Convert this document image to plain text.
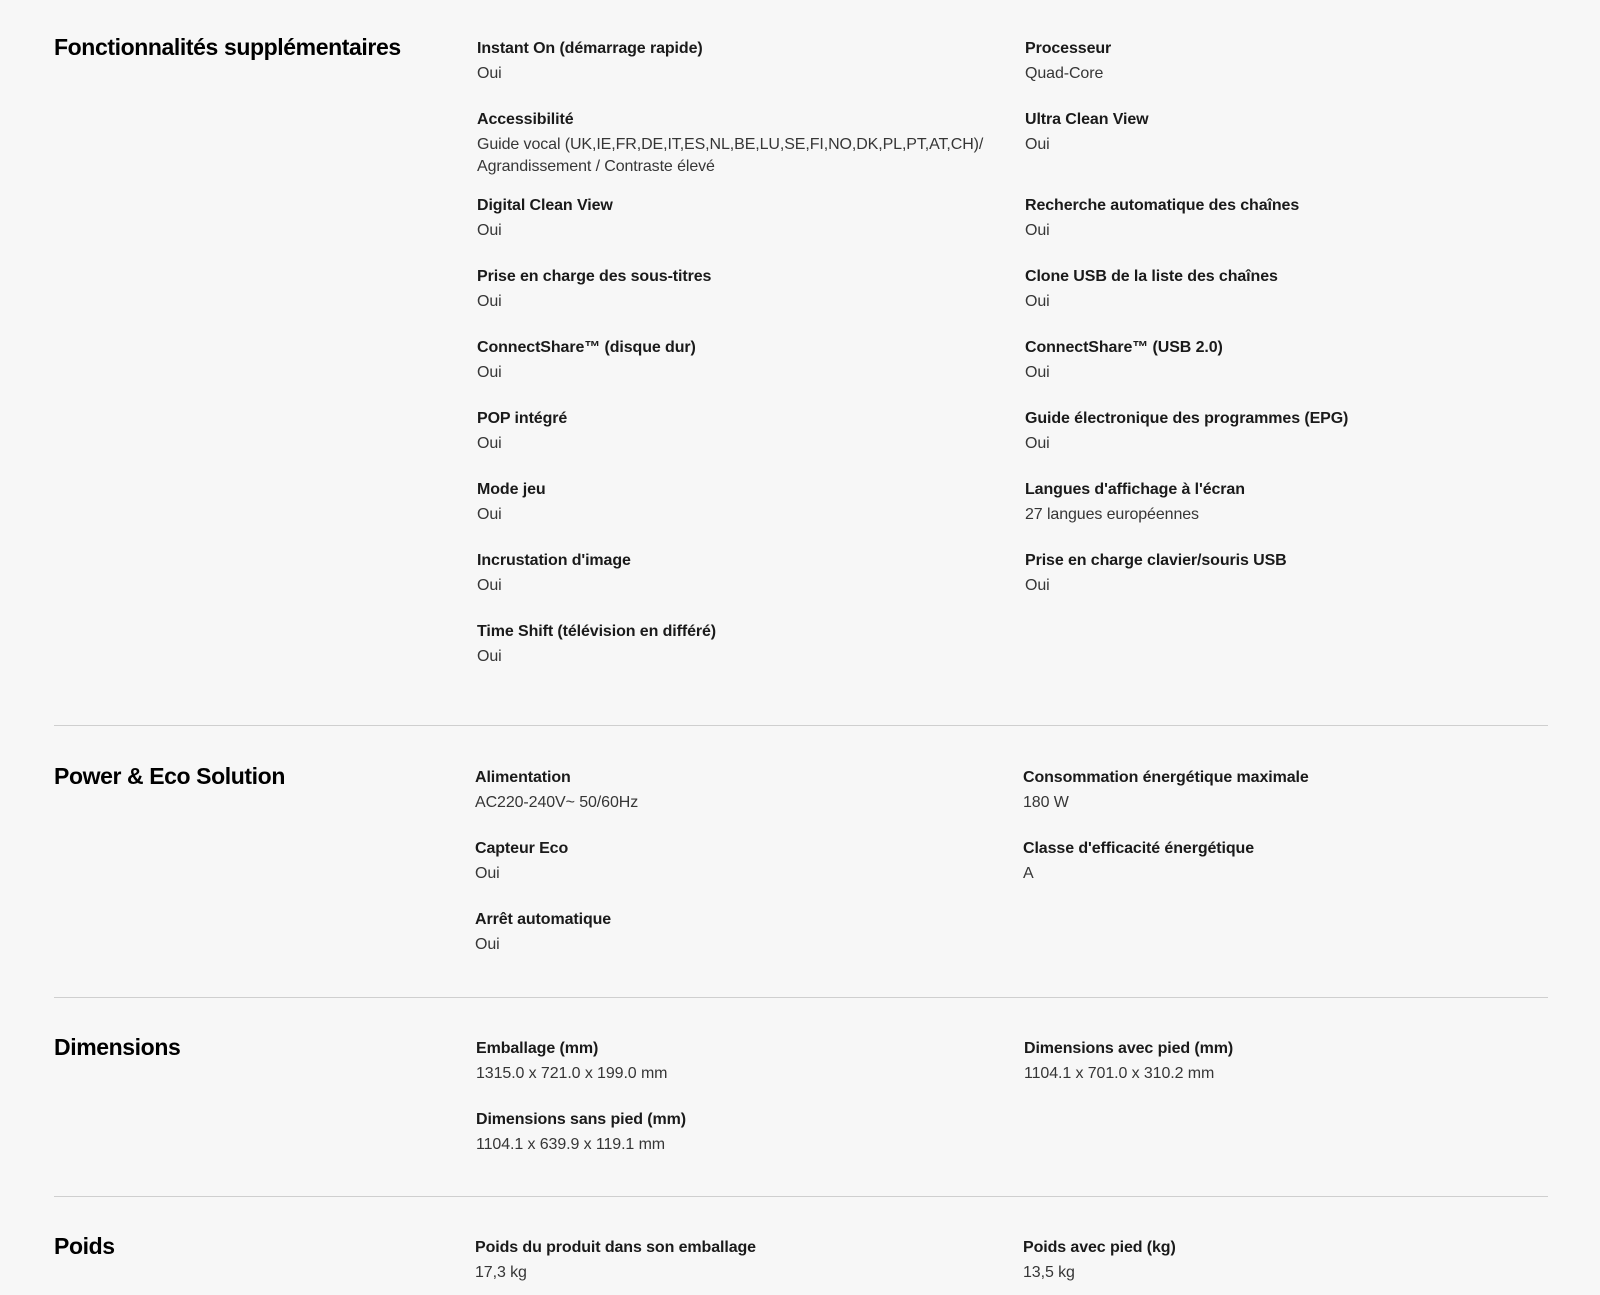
Fonctionnalités supplémentaires	Instant On (démarrage rapide)
Oui
Processeur
Quad-Core
Accessibilité
Guide vocal (UK,IE,FR,DE,IT,ES,NL,BE,LU,SE,FI,NO,DK,PL,PT,AT,CH)/
Agrandissement / Contraste élevé
Ultra Clean View
Oui
Digital Clean View
Oui
Recherche automatique des chaînes
Oui
Prise en charge des sous-titres
Oui
Clone USB de la liste des chaînes
Oui
ConnectShare™ (disque dur)
Oui
ConnectShare™ (USB 2.0)
Oui
POP intégré
Oui
Guide électronique des programmes (EPG)
Oui
Mode jeu
Oui
Langues d'affichage à l'écran
27 langues européennes
Incrustation d'image
Oui
Prise en charge clavier/souris USB
Oui
Time Shift (télévision en différé)
Oui
Power & Eco Solution	Alimentation
AC220-240V~ 50/60Hz
Consommation énergétique maximale
180 W
Capteur Eco
Oui
Classe d'efficacité énergétique
A
Arrêt automatique
Oui
Dimensions	Emballage (mm)
1315.0 x 721.0 x 199.0 mm
Dimensions avec pied (mm)
1104.1 x 701.0 x 310.2 mm
Dimensions sans pied (mm)
1104.1 x 639.9 x 119.1 mm
Poids	Poids du produit dans son emballage
17,3 kg
Poids avec pied (kg)
13,5 kg
